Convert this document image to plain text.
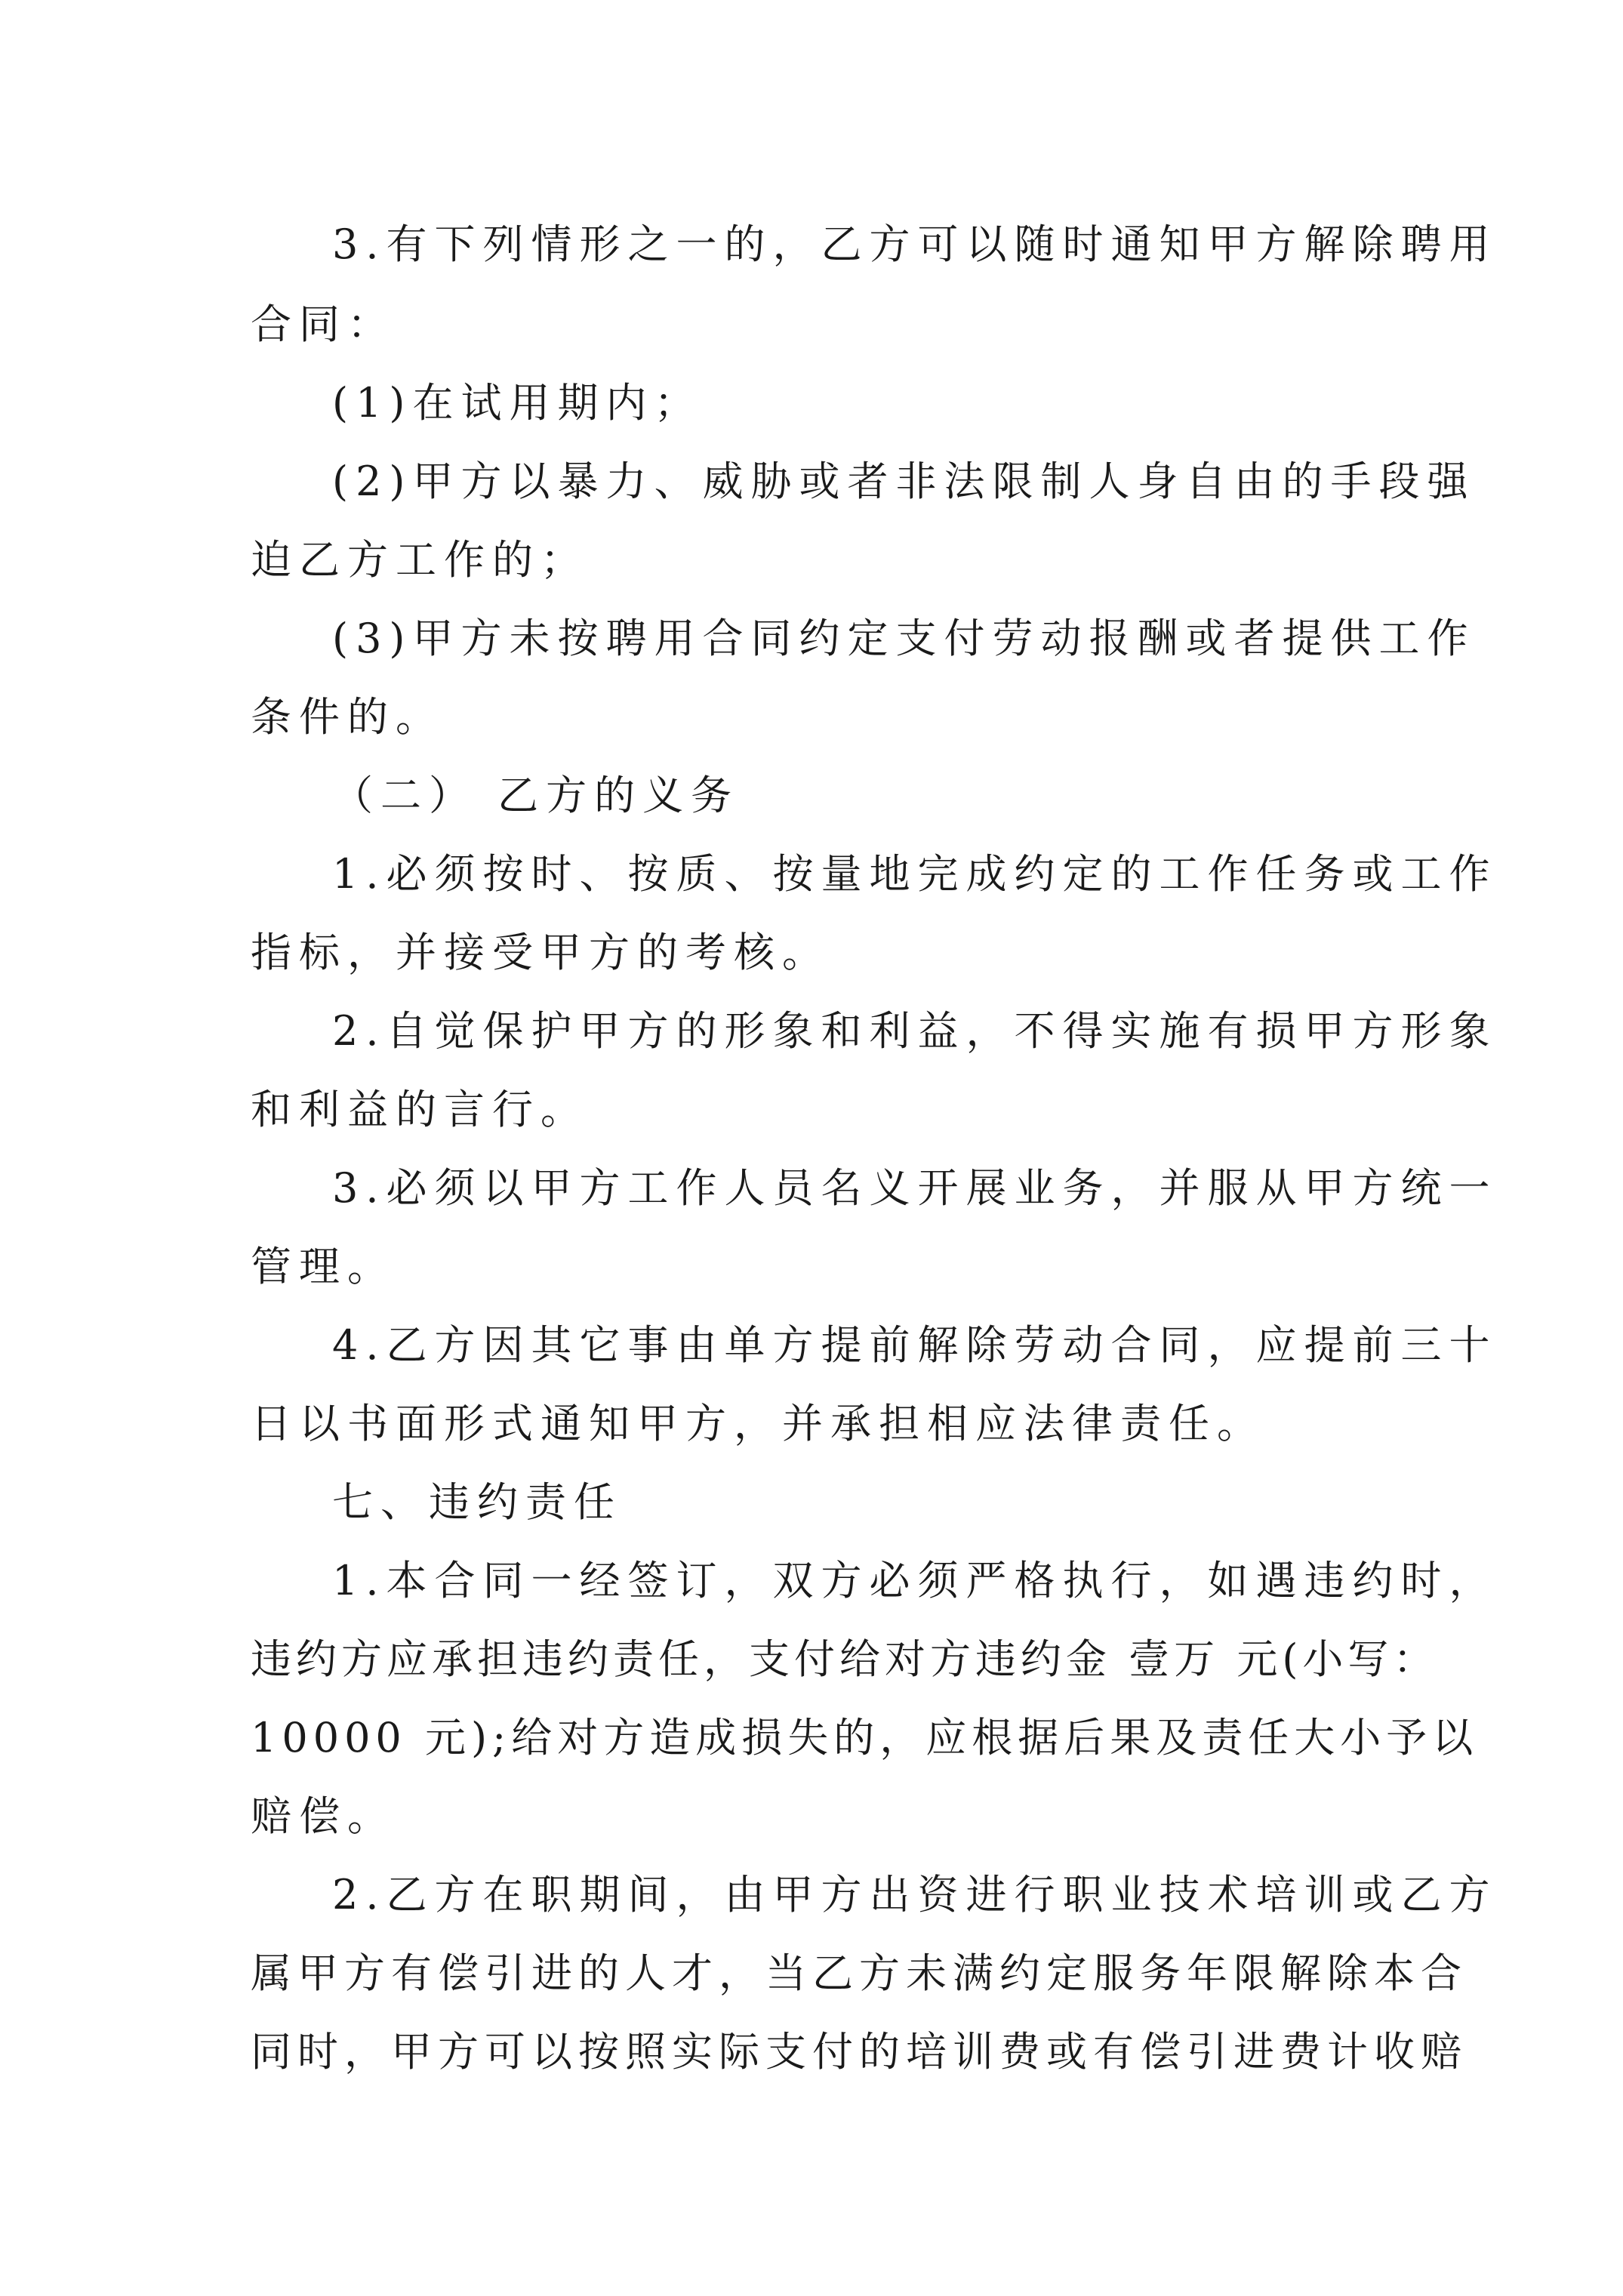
3.有下列情形之一的，乙方可以随时通知甲方解除聘用

合同：

(1)在试用期内；

(2)甲方以暴力、威胁或者非法限制人身自由的手段强

迫乙方工作的；

(3)甲方未按聘用合同约定支付劳动报酬或者提供工作

条件的。

（二） 乙方的义务

1.必须按时、按质、按量地完成约定的工作任务或工作

指标，并接受甲方的考核。

2.自觉保护甲方的形象和利益，不得实施有损甲方形象

和利益的言行。

3.必须以甲方工作人员名义开展业务，并服从甲方统一

管理。

4.乙方因其它事由单方提前解除劳动合同，应提前三十

日以书面形式通知甲方，并承担相应法律责任。

七、违约责任

1.本合同一经签订，双方必须严格执行，如遇违约时，

违约方应承担违约责任，支付给对方违约金 壹万 元(小写：

10000 元);给对方造成损失的，应根据后果及责任大小予以

赔偿。

2.乙方在职期间，由甲方出资进行职业技术培训或乙方

属甲方有偿引进的人才，当乙方未满约定服务年限解除本合

同时，甲方可以按照实际支付的培训费或有偿引进费计收赔
